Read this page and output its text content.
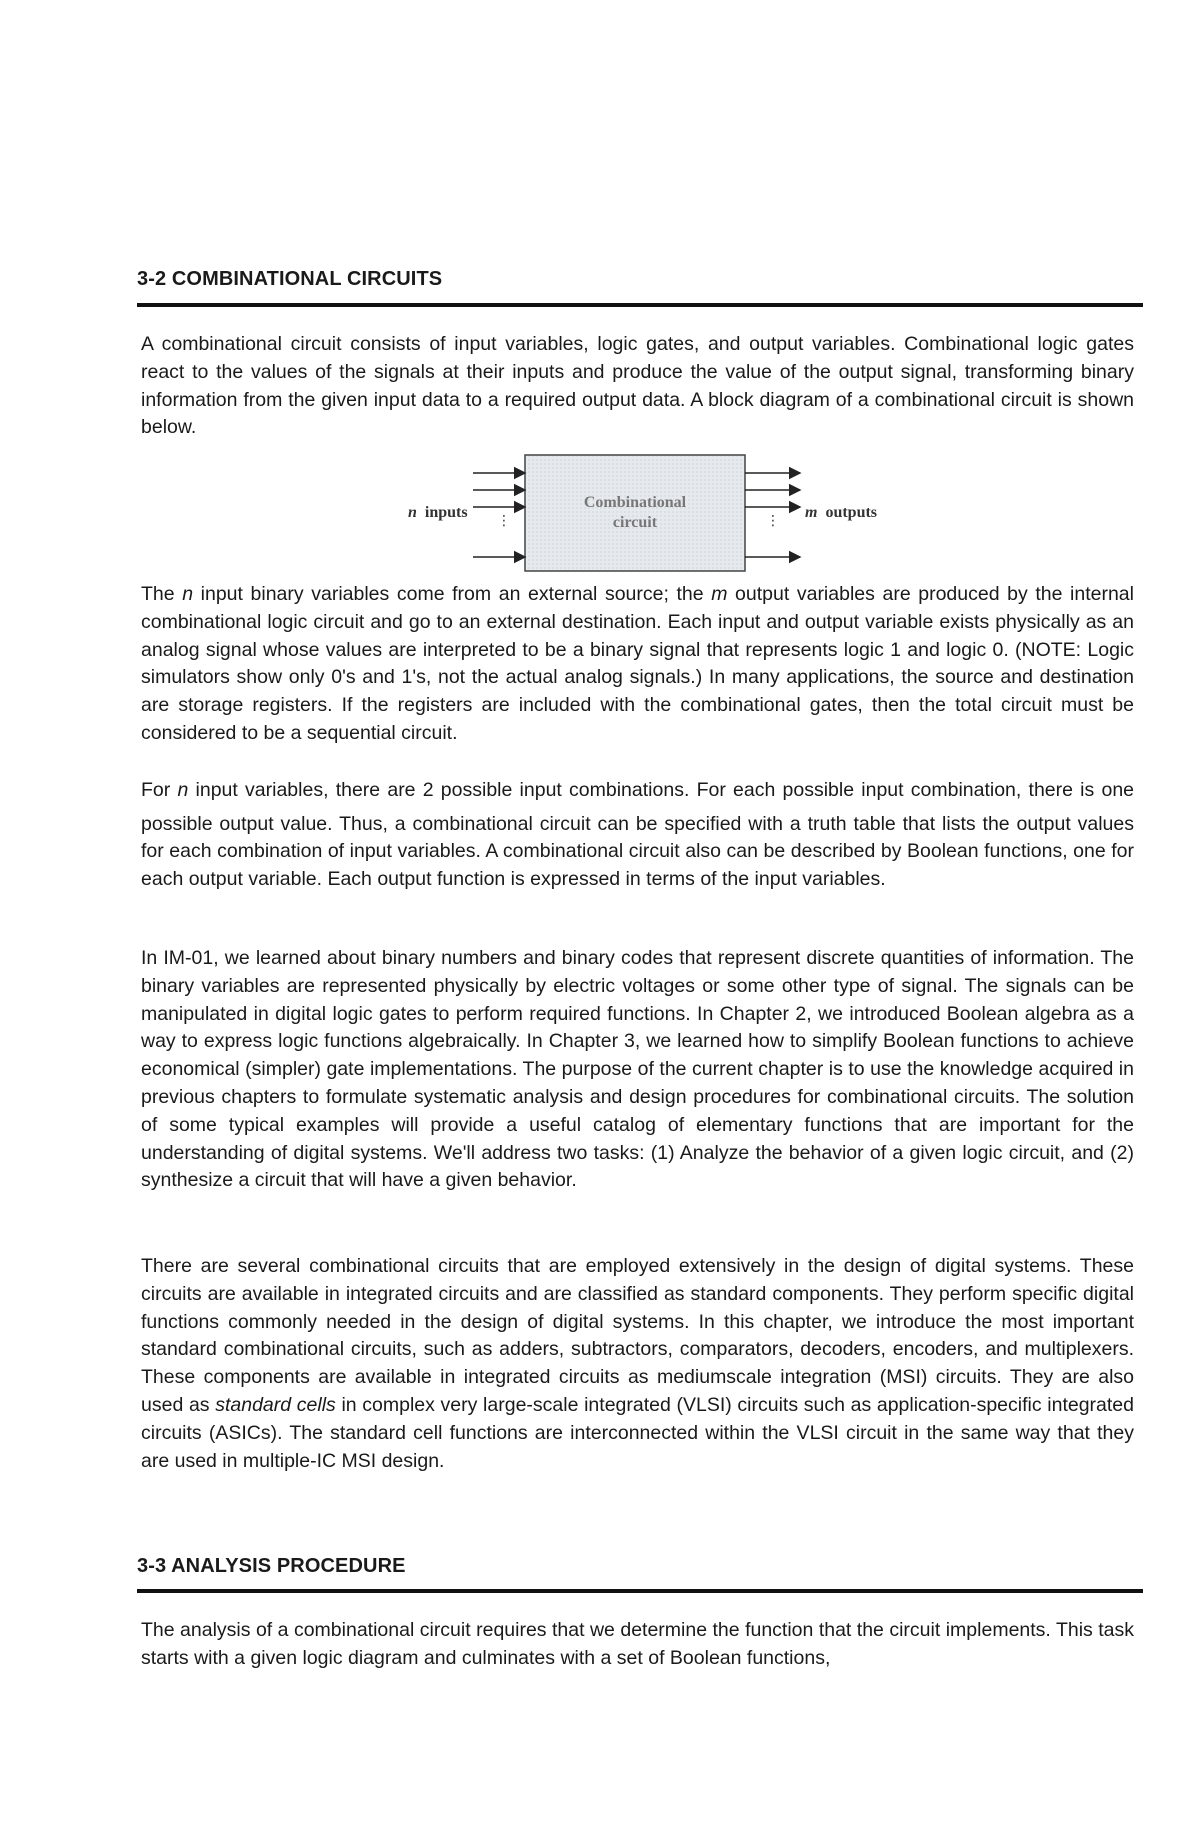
3-2 COMBINATIONAL CIRCUITS

A combinational circuit consists of input variables, logic gates, and output variables. Combinational logic gates react to the values of the signals at their inputs and produce the value of the output signal, transforming binary information from the given input data to a required output data. A block diagram of a combinational circuit is shown below.

Combinational
circuit
⋮	⋮
n inputs	m outputs

The n input binary variables come from an external source; the m output variables are produced by the internal combinational logic circuit and go to an external destination. Each input and output variable exists physically as an analog signal whose values are interpreted to be a binary signal that represents logic 1 and logic 0. (NOTE: Logic simulators show only 0's and 1's, not the actual analog signals.) In many applications, the source and destination are storage registers. If the registers are included with the combinational gates, then the total circuit must be considered to be a sequential circuit.

For n input variables, there are 2 possible input combinations. For each possible input combination, there is one possible output value. Thus, a combinational circuit can be specified with a truth table that lists the output values for each combination of input variables. A combinational circuit also can be described by Boolean functions, one for each output variable. Each output function is expressed in terms of the input variables.

In IM-01, we learned about binary numbers and binary codes that represent discrete quantities of information. The binary variables are represented physically by electric voltages or some other type of signal. The signals can be manipulated in digital logic gates to perform required functions. In Chapter 2, we introduced Boolean algebra as a way to express logic functions algebraically. In Chapter 3, we learned how to simplify Boolean functions to achieve economical (simpler) gate implementations. The purpose of the current chapter is to use the knowledge acquired in previous chapters to formulate systematic analysis and design procedures for combinational circuits. The solution of some typical examples will provide a useful catalog of elementary functions that are important for the understanding of digital systems. We'll address two tasks: (1) Analyze the behavior of a given logic circuit, and (2) synthesize a circuit that will have a given behavior.

There are several combinational circuits that are employed extensively in the design of digital systems. These circuits are available in integrated circuits and are classified as standard components. They perform specific digital functions commonly needed in the design of digital systems. In this chapter, we introduce the most important standard combinational circuits, such as adders, subtractors, comparators, decoders, encoders, and multiplexers. These components are available in integrated circuits as mediumscale integration (MSI) circuits. They are also used as standard cells in complex very large-scale integrated (VLSI) circuits such as application-specific integrated circuits (ASICs). The standard cell functions are interconnected within the VLSI circuit in the same way that they are used in multiple-IC MSI design.

3-3 ANALYSIS PROCEDURE

The analysis of a combinational circuit requires that we determine the function that the circuit implements. This task starts with a given logic diagram and culminates with a set of Boolean functions,
